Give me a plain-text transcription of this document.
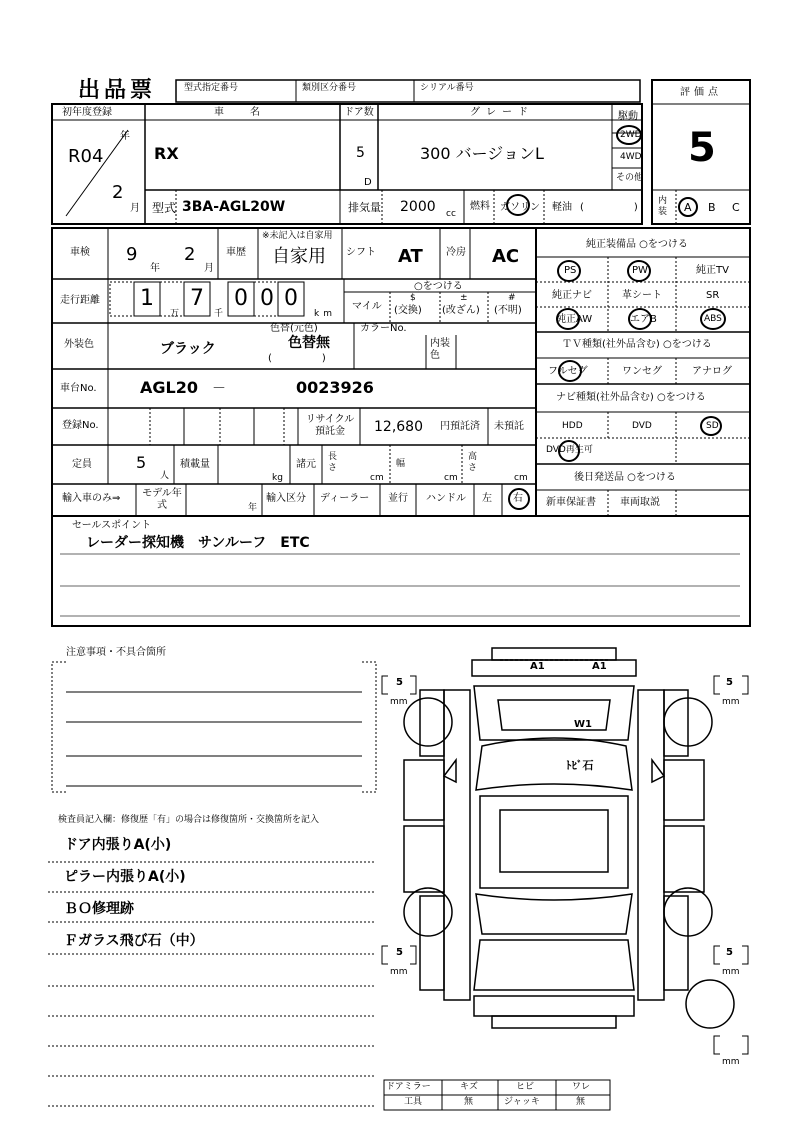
出品票	型式指定番号	類別区分番号	シリアル番号	評価点
5
初年度登録
R04
年
2
月
車　　名
RX
ドア数
5
D
グレード
300 バージョンL
駆動
2WD
4WD
その他
型式 3BA-AGL20W	排気量 2000 cc
燃料 ガソリン 軽油 (　　　　　)
内装 A B C
車検 9
年
2
月
車歴
※未記入は自家用
自家用 シフト AT 冷房 AC
走行距離 1 7 0 0 0
万	千	km
○をつける
マイル
$
(交換)
±
(改ざん)
#
(不明)
外装色	ブラック
色替(元色)
色替無
(　　　　　)
カラーNo.
内装色
車台No.	AGL20 －	0023926
登録No.
リサイクル預託金	12,680 円預託済 未預託
定員	5
人
積載量
kg
諸元
長さ
cm
幅
cm
高さ
cm
輸入車のみ⇒ モデル年式	年
輸入区分 ディーラー 並行 ハンドル 左 右
純正装備品 ○をつける
PS	PW	純正TV
純正ナビ	革シート	SR
純正AW	エアB	ABS
ＴＶ種類(社外品含む) ○をつける
フルセグ	ワンセグ	アナログ
ナビ種類(社外品含む) ○をつける
HDD	DVD	SD
DVD再生可
後日発送品 ○をつける
新車保証書 車両取説
セールスポイント
レーダー探知機　サンルーフ　ETC
注意事項・不具合箇所
検査員記入欄：修復歴「有」の場合は修復箇所・交換箇所を記入
ドア内張りA(小)
ピラー内張りA(小)
ＢＯ修理跡
Ｆガラス飛び石（中）
5
mm
5
mm
5
mm
5
mm
mm
A1	A1
W1
ﾄﾋﾞ石
ドアミラー	キズ	ヒビ	ワレ
工具	無	ジャッキ	無
